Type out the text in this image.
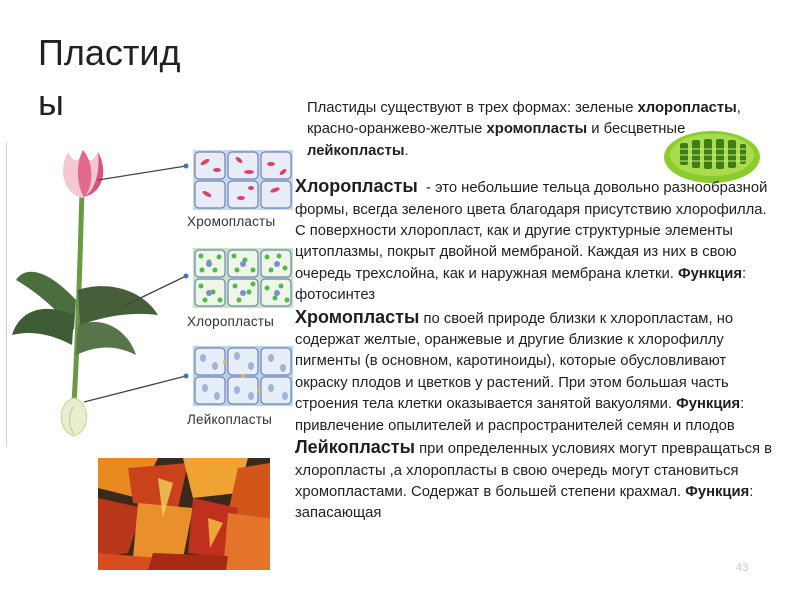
Пластиды
Хромопласты
Хлоропласты
Лейкопласты

Пластиды существуют в трех формах: зеленые хлоропласты, красно-оранжево-желтые хромопласты и бесцветные лейкопласты.

Хлоропласты  - это небольшие тельца довольно разнообразной формы, всегда зеленого цвета благодаря присутствию хлорофилла. С поверхности хлоропласт, как и другие структурные элементы цитоплазмы, покрыт двойной мембраной. Каждая из них в свою очередь трехслойна, как и наружная мембрана клетки. Функция: фотосинтез

Хромопласты по своей природе близки к хлоропластам, но содержат желтые, оранжевые и другие близкие к хлорофиллу пигменты (в основном, каротиноиды), которые обусловливают окраску плодов и цветков у растений. При этом большая часть строения тела клетки оказывается занятой вакуолями. Функция: привлечение опылителей и распространителей семян и плодов

Лейкопласты при определенных условиях могут превращаться в хлоропласты ,а хлоропласты в свою очередь могут становиться хромопластами. Содержат в большей степени крахмал. Функция: запасающая

43
